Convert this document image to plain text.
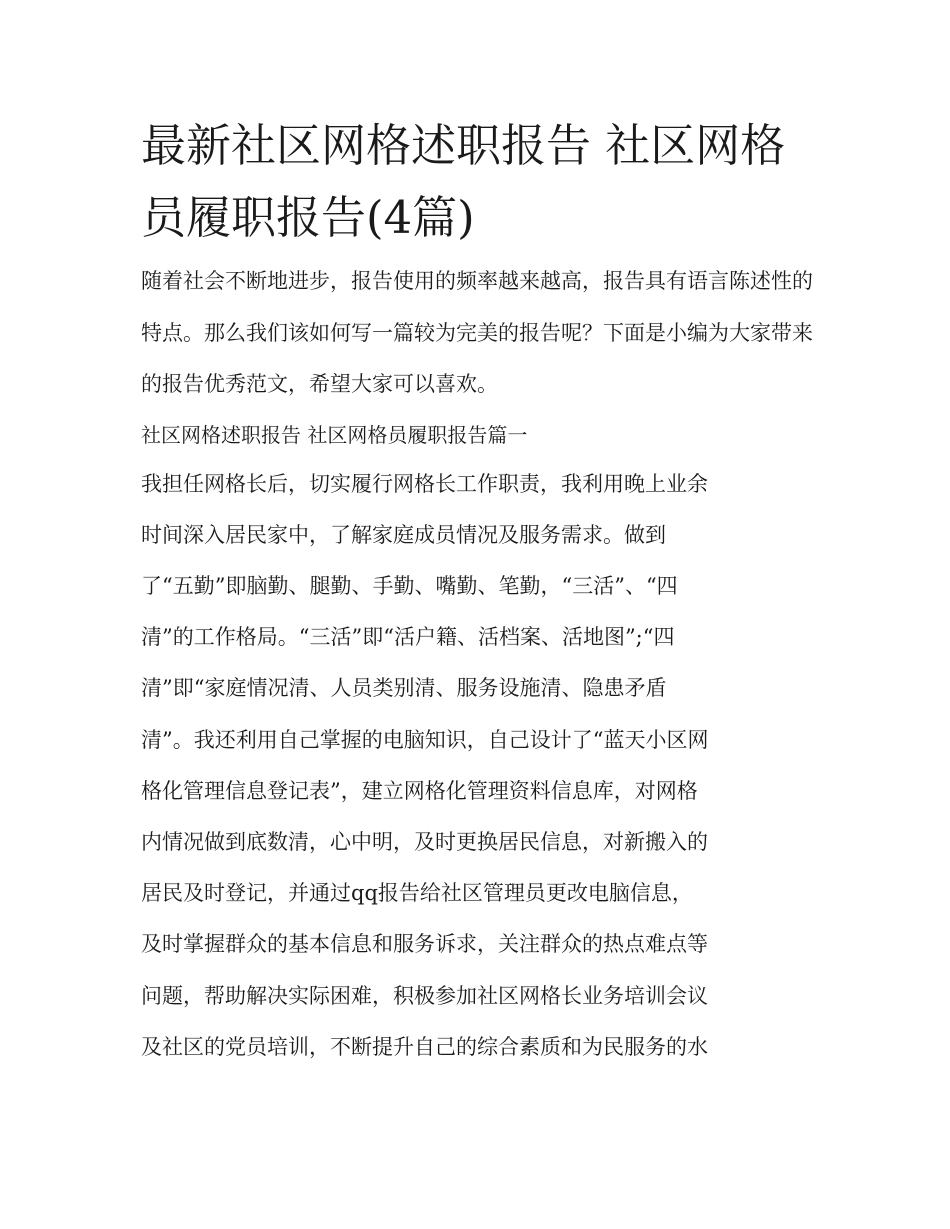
最新社区网格述职报告 社区网格员履职报告(4篇)

随着社会不断地进步，报告使用的频率越来越高，报告具有语言陈述性的特点。那么我们该如何写一篇较为完美的报告呢？下面是小编为大家带来的报告优秀范文，希望大家可以喜欢。

社区网格述职报告 社区网格员履职报告篇一

我担任网格长后，切实履行网格长工作职责，我利用晚上业余

时间深入居民家中，了解家庭成员情况及服务需求。做到

了“五勤”即脑勤、腿勤、手勤、嘴勤、笔勤，“三活”、“四

清”的工作格局。“三活”即“活户籍、活档案、活地图”;“四

清”即“家庭情况清、人员类别清、服务设施清、隐患矛盾

清”。我还利用自己掌握的电脑知识，自己设计了“蓝天小区网

格化管理信息登记表”，建立网格化管理资料信息库，对网格

内情况做到底数清，心中明，及时更换居民信息，对新搬入的

居民及时登记，并通过qq报告给社区管理员更改电脑信息，

及时掌握群众的基本信息和服务诉求，关注群众的热点难点等

问题，帮助解决实际困难，积极参加社区网格长业务培训会议

及社区的党员培训，不断提升自己的综合素质和为民服务的水
